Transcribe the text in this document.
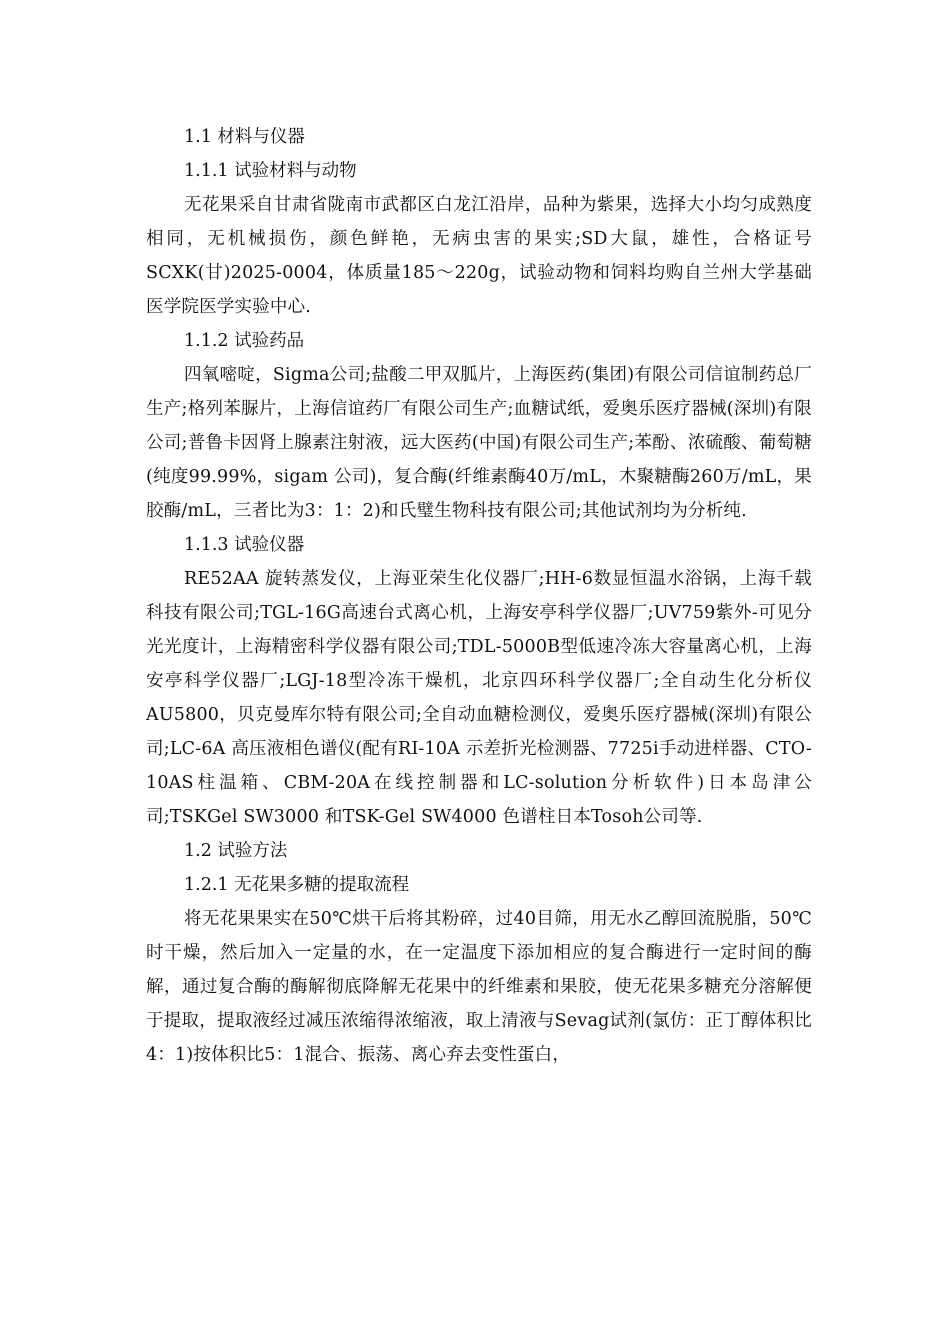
1.1 材料与仪器
1.1.1 试验材料与动物

无花果采自甘肃省陇南市武都区白龙江沿岸，品种为紫果，选择大小均匀成熟度相同，无机械损伤，颜色鲜艳，无病虫害的果实;SD大鼠，雄性，合格证号SCXK(甘)2025-0004，体质量185～220g，试验动物和饲料均购自兰州大学基础医学院医学实验中心.

1.1.2 试验药品

四氧嘧啶，Sigma公司;盐酸二甲双胍片，上海医药(集团)有限公司信谊制药总厂生产;格列苯脲片，上海信谊药厂有限公司生产;血糖试纸，爱奥乐医疗器械(深圳)有限公司;普鲁卡因肾上腺素注射液，远大医药(中国)有限公司生产;苯酚、浓硫酸、葡萄糖(纯度99.99%，sigam 公司)，复合酶(纤维素酶40万/mL，木聚糖酶260万/mL，果胶酶/mL，三者比为3：1：2)和氏璧生物科技有限公司;其他试剂均为分析纯.

1.1.3 试验仪器

RE52AA 旋转蒸发仪，上海亚荣生化仪器厂;HH-6数显恒温水浴锅，上海千载科技有限公司;TGL-16G高速台式离心机，上海安亭科学仪器厂;UV759紫外-可见分光光度计，上海精密科学仪器有限公司;TDL-5000B型低速冷冻大容量离心机，上海安亭科学仪器厂;LGJ-18型冷冻干燥机，北京四环科学仪器厂;全自动生化分析仪AU5800，贝克曼库尔特有限公司;全自动血糖检测仪，爱奥乐医疗器械(深圳)有限公司;LC-6A 高压液相色谱仪(配有RI-10A 示差折光检测器、7725i手动进样器、CTO-10AS柱温箱、CBM-20A在线控制器和LC-solution分析软件)日本岛津公司;TSKGel SW3000 和TSK-Gel SW4000 色谱柱日本Tosoh公司等.

1.2 试验方法
1.2.1 无花果多糖的提取流程

将无花果果实在50℃烘干后将其粉碎，过40目筛，用无水乙醇回流脱脂，50℃时干燥，然后加入一定量的水，在一定温度下添加相应的复合酶进行一定时间的酶解，通过复合酶的酶解彻底降解无花果中的纤维素和果胶，使无花果多糖充分溶解便于提取，提取液经过减压浓缩得浓缩液，取上清液与Sevag试剂(氯仿：正丁醇体积比4：1)按体积比5：1混合、振荡、离心弃去变性蛋白，
